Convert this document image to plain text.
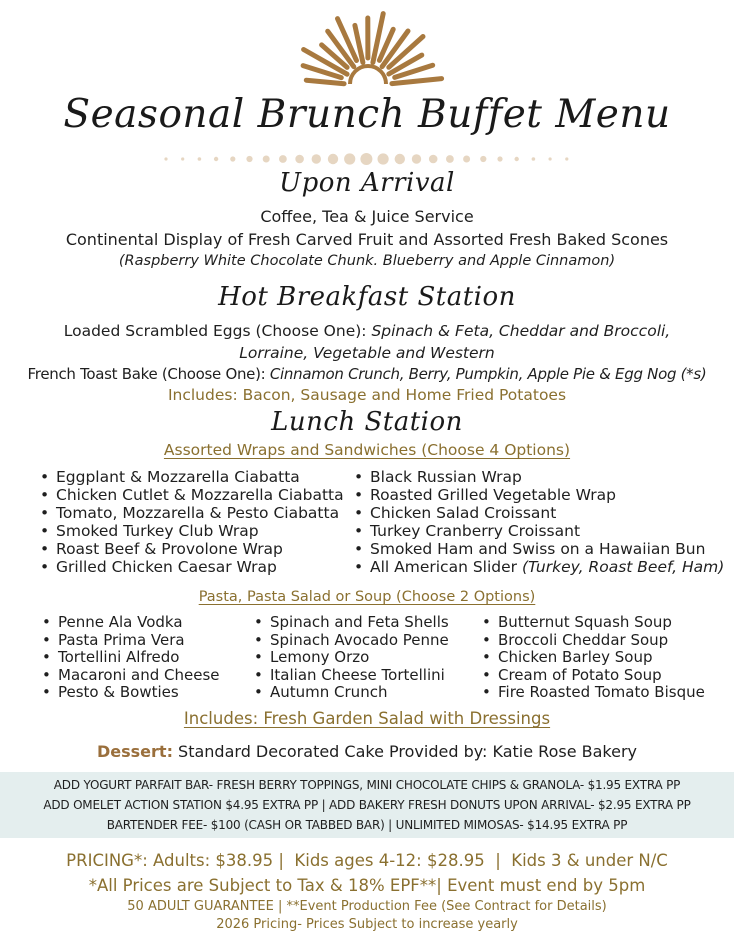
Seasonal Brunch Buffet Menu
Upon Arrival
Coffee, Tea & Juice Service
Continental Display of Fresh Carved Fruit and Assorted Fresh Baked Scones
(Raspberry White Chocolate Chunk. Blueberry and Apple Cinnamon)
Hot Breakfast Station
Loaded Scrambled Eggs (Choose One): Spinach & Feta, Cheddar and Broccoli,
Lorraine, Vegetable and Western
French Toast Bake (Choose One): Cinnamon Crunch, Berry, Pumpkin, Apple Pie & Egg Nog (*s)
Includes: Bacon, Sausage and Home Fried Potatoes
Lunch Station
Assorted Wraps and Sandwiches (Choose 4 Options)
• Eggplant & Mozzarella Ciabatta
• Chicken Cutlet & Mozzarella Ciabatta
• Tomato, Mozzarella & Pesto Ciabatta
• Smoked Turkey Club Wrap
• Roast Beef & Provolone Wrap
• Grilled Chicken Caesar Wrap
• Black Russian Wrap
• Roasted Grilled Vegetable Wrap
• Chicken Salad Croissant
• Turkey Cranberry Croissant
• Smoked Ham and Swiss on a Hawaiian Bun
• All American Slider (Turkey, Roast Beef, Ham)
Pasta, Pasta Salad or Soup (Choose 2 Options)
• Penne Ala Vodka
• Pasta Prima Vera
• Tortellini Alfredo
• Macaroni and Cheese
• Pesto & Bowties
• Spinach and Feta Shells
• Spinach Avocado Penne
• Lemony Orzo
• Italian Cheese Tortellini
• Autumn Crunch
• Butternut Squash Soup
• Broccoli Cheddar Soup
• Chicken Barley Soup
• Cream of Potato Soup
• Fire Roasted Tomato Bisque
Includes: Fresh Garden Salad with Dressings
Dessert: Standard Decorated Cake Provided by: Katie Rose Bakery
ADD YOGURT PARFAIT BAR- FRESH BERRY TOPPINGS, MINI CHOCOLATE CHIPS & GRANOLA- $1.95 EXTRA PP
ADD OMELET ACTION STATION $4.95 EXTRA PP | ADD BAKERY FRESH DONUTS UPON ARRIVAL- $2.95 EXTRA PP
BARTENDER FEE- $100 (CASH OR TABBED BAR) | UNLIMITED MIMOSAS- $14.95 EXTRA PP
PRICING*: Adults: $38.95 |  Kids ages 4-12: $28.95  |  Kids 3 & under N/C
*All Prices are Subject to Tax & 18% EPF**| Event must end by 5pm
50 ADULT GUARANTEE | **Event Production Fee (See Contract for Details)
2026 Pricing- Prices Subject to increase yearly
